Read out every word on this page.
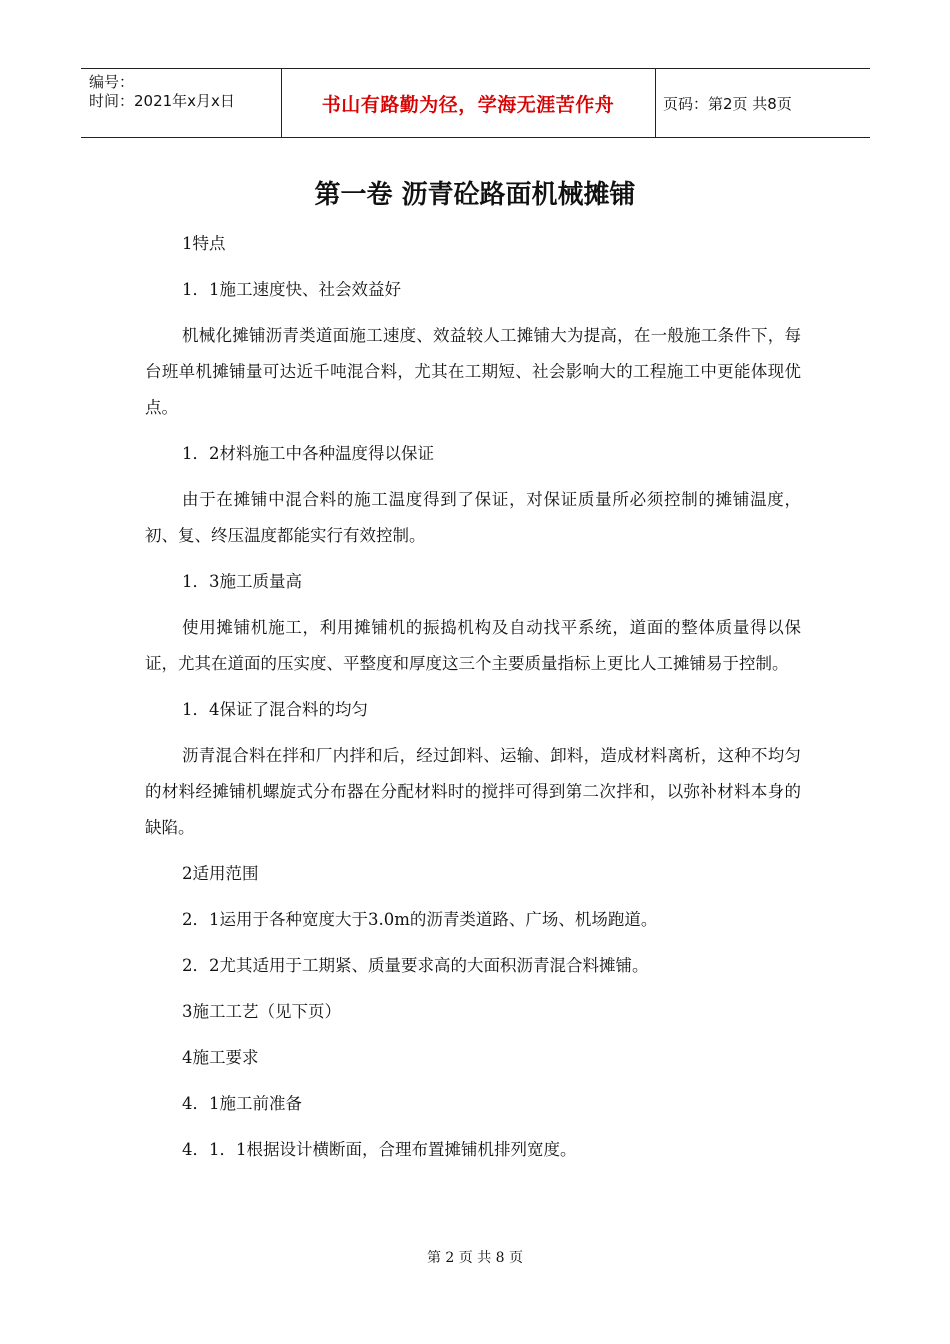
编号：
时间：2021年x月x日	书山有路勤为径，学海无涯苦作舟	页码：第2页 共8页
第一卷 沥青砼路面机械摊铺
1特点
1．1施工速度快、社会效益好
机械化摊铺沥青类道面施工速度、效益较人工摊铺大为提高，在一般施工条件下，每台班单机摊铺量可达近千吨混合料，尤其在工期短、社会影响大的工程施工中更能体现优点。
1．2材料施工中各种温度得以保证
由于在摊铺中混合料的施工温度得到了保证，对保证质量所必须控制的摊铺温度，初、复、终压温度都能实行有效控制。
1．3施工质量高
使用摊铺机施工，利用摊铺机的振捣机构及自动找平系统，道面的整体质量得以保证，尤其在道面的压实度、平整度和厚度这三个主要质量指标上更比人工摊铺易于控制。
1．4保证了混合料的均匀
沥青混合料在拌和厂内拌和后，经过卸料、运输、卸料，造成材料离析，这种不均匀的材料经摊铺机螺旋式分布器在分配材料时的搅拌可得到第二次拌和，以弥补材料本身的缺陷。
2适用范围
2．1运用于各种宽度大于3.0m的沥青类道路、广场、机场跑道。
2．2尤其适用于工期紧、质量要求高的大面积沥青混合料摊铺。
3施工工艺（见下页）
4施工要求
4．1施工前准备
4．1．1根据设计横断面，合理布置摊铺机排列宽度。
第 2 页 共 8 页
